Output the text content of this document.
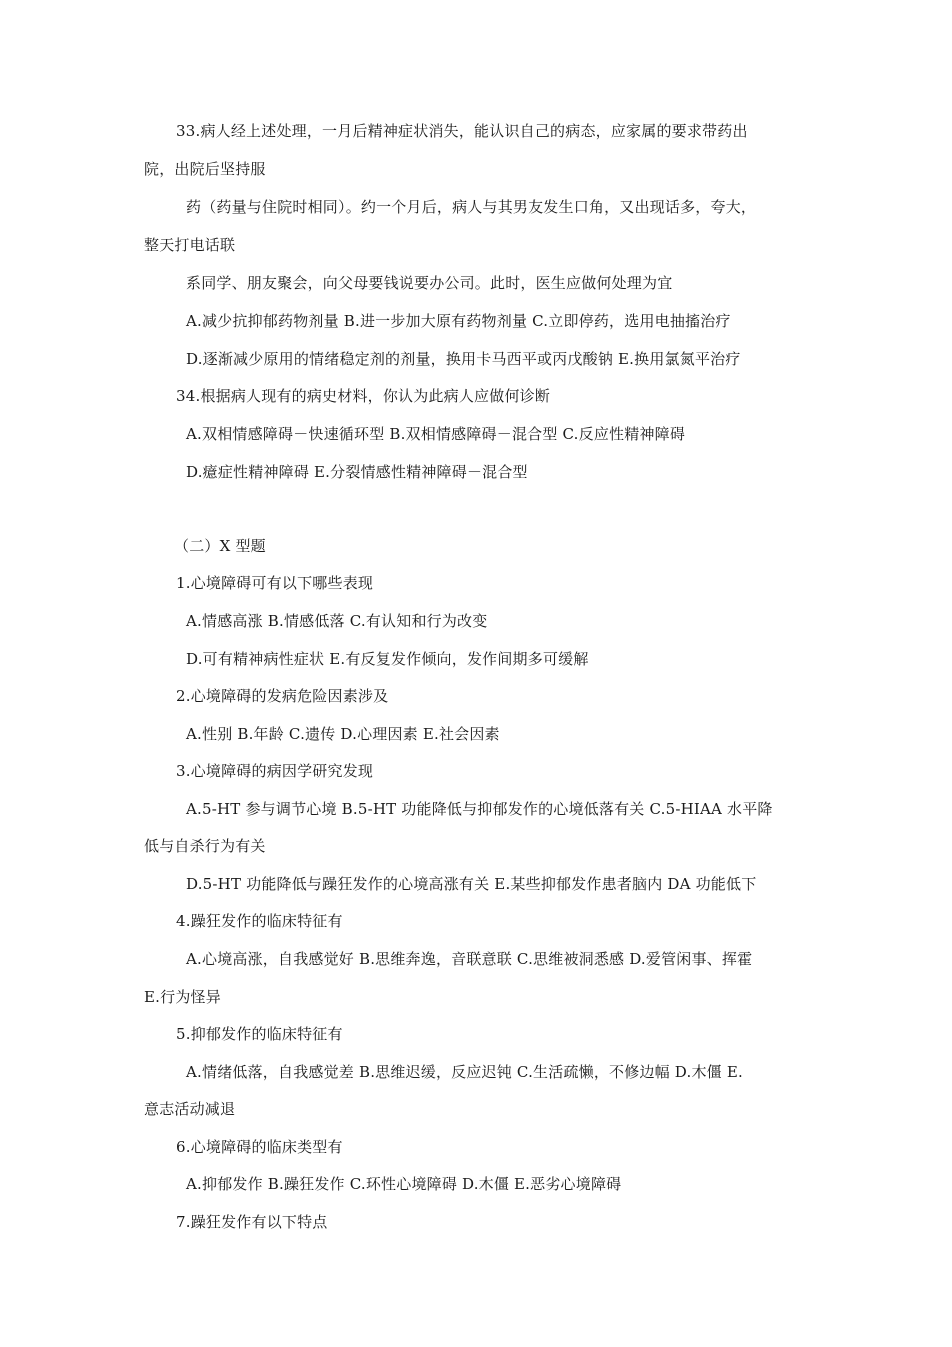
33.病人经上述处理，一月后精神症状消失，能认识自己的病态，应家属的要求带药出
院，出院后坚持服
药（药量与住院时相同）。约一个月后，病人与其男友发生口角，又出现话多，夸大，
整天打电话联
系同学、朋友聚会，向父母要钱说要办公司。此时，医生应做何处理为宜
A.减少抗抑郁药物剂量 B.进一步加大原有药物剂量 C.立即停药，选用电抽搐治疗
D.逐渐减少原用的情绪稳定剂的剂量，换用卡马西平或丙戊酸钠 E.换用氯氮平治疗
34.根据病人现有的病史材料，你认为此病人应做何诊断
A.双相情感障碍－快速循环型 B.双相情感障碍－混合型 C.反应性精神障碍
D.癔症性精神障碍 E.分裂情感性精神障碍－混合型
（二）X 型题
1.心境障碍可有以下哪些表现
A.情感高涨 B.情感低落 C.有认知和行为改变
D.可有精神病性症状 E.有反复发作倾向，发作间期多可缓解
2.心境障碍的发病危险因素涉及
A.性别 B.年龄 C.遗传 D.心理因素 E.社会因素
3.心境障碍的病因学研究发现
A.5-HT 参与调节心境 B.5-HT 功能降低与抑郁发作的心境低落有关 C.5-HIAA 水平降
低与自杀行为有关
D.5-HT 功能降低与躁狂发作的心境高涨有关 E.某些抑郁发作患者脑内 DA 功能低下
4.躁狂发作的临床特征有
A.心境高涨，自我感觉好 B.思维奔逸，音联意联 C.思维被洞悉感 D.爱管闲事、挥霍
E.行为怪异
5.抑郁发作的临床特征有
A.情绪低落，自我感觉差 B.思维迟缓，反应迟钝 C.生活疏懒，不修边幅 D.木僵 E.
意志活动减退
6.心境障碍的临床类型有
A.抑郁发作 B.躁狂发作 C.环性心境障碍 D.木僵 E.恶劣心境障碍
7.躁狂发作有以下特点
